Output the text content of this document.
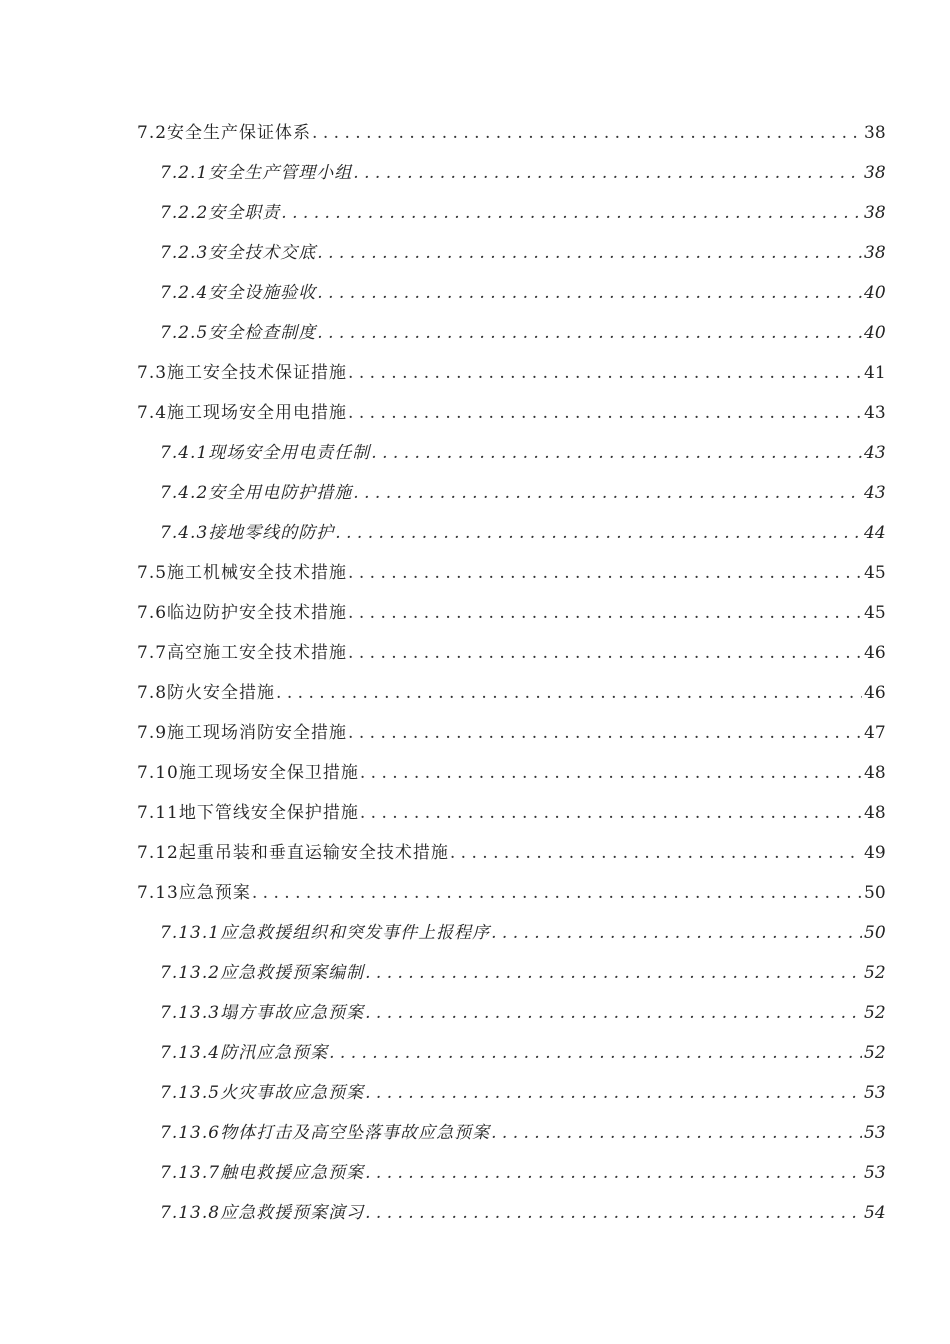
7.2 安全生产保证体系 . . .	38
7.2.1 安全生产管理小组 . . .	38
7.2.2 安全职责 . . .	38
7.2.3 安全技术交底 . . .	38
7.2.4 安全设施验收 . . .	40
7.2.5 安全检查制度 . . .	40
7.3 施工安全技术保证措施 . . .	41
7.4 施工现场安全用电措施 . . .	43
7.4.1 现场安全用电责任制 . . .	43
7.4.2 安全用电防护措施 . . .	43
7.4.3 接地零线的防护 . . .	44
7.5 施工机械安全技术措施 . . .	45
7.6 临边防护安全技术措施 . . .	45
7.7 高空施工安全技术措施 . . .	46
7.8 防火安全措施 . . .	46
7.9 施工现场消防安全措施 . . .	47
7.10 施工现场安全保卫措施 . . .	48
7.11 地下管线安全保护措施 . . .	48
7.12 起重吊装和垂直运输安全技术措施 . . .	49
7.13 应急预案 . . .	50
7.13.1 应急救援组织和突发事件上报程序 . . .	50
7.13.2 应急救援预案编制 . . .	52
7.13.3 塌方事故应急预案 . . .	52
7.13.4 防汛应急预案 . . .	52
7.13.5 火灾事故应急预案 . . .	53
7.13.6 物体打击及高空坠落事故应急预案 . . .	53
7.13.7 触电救援应急预案 . . .	53
7.13.8 应急救援预案演习 . . .	54
